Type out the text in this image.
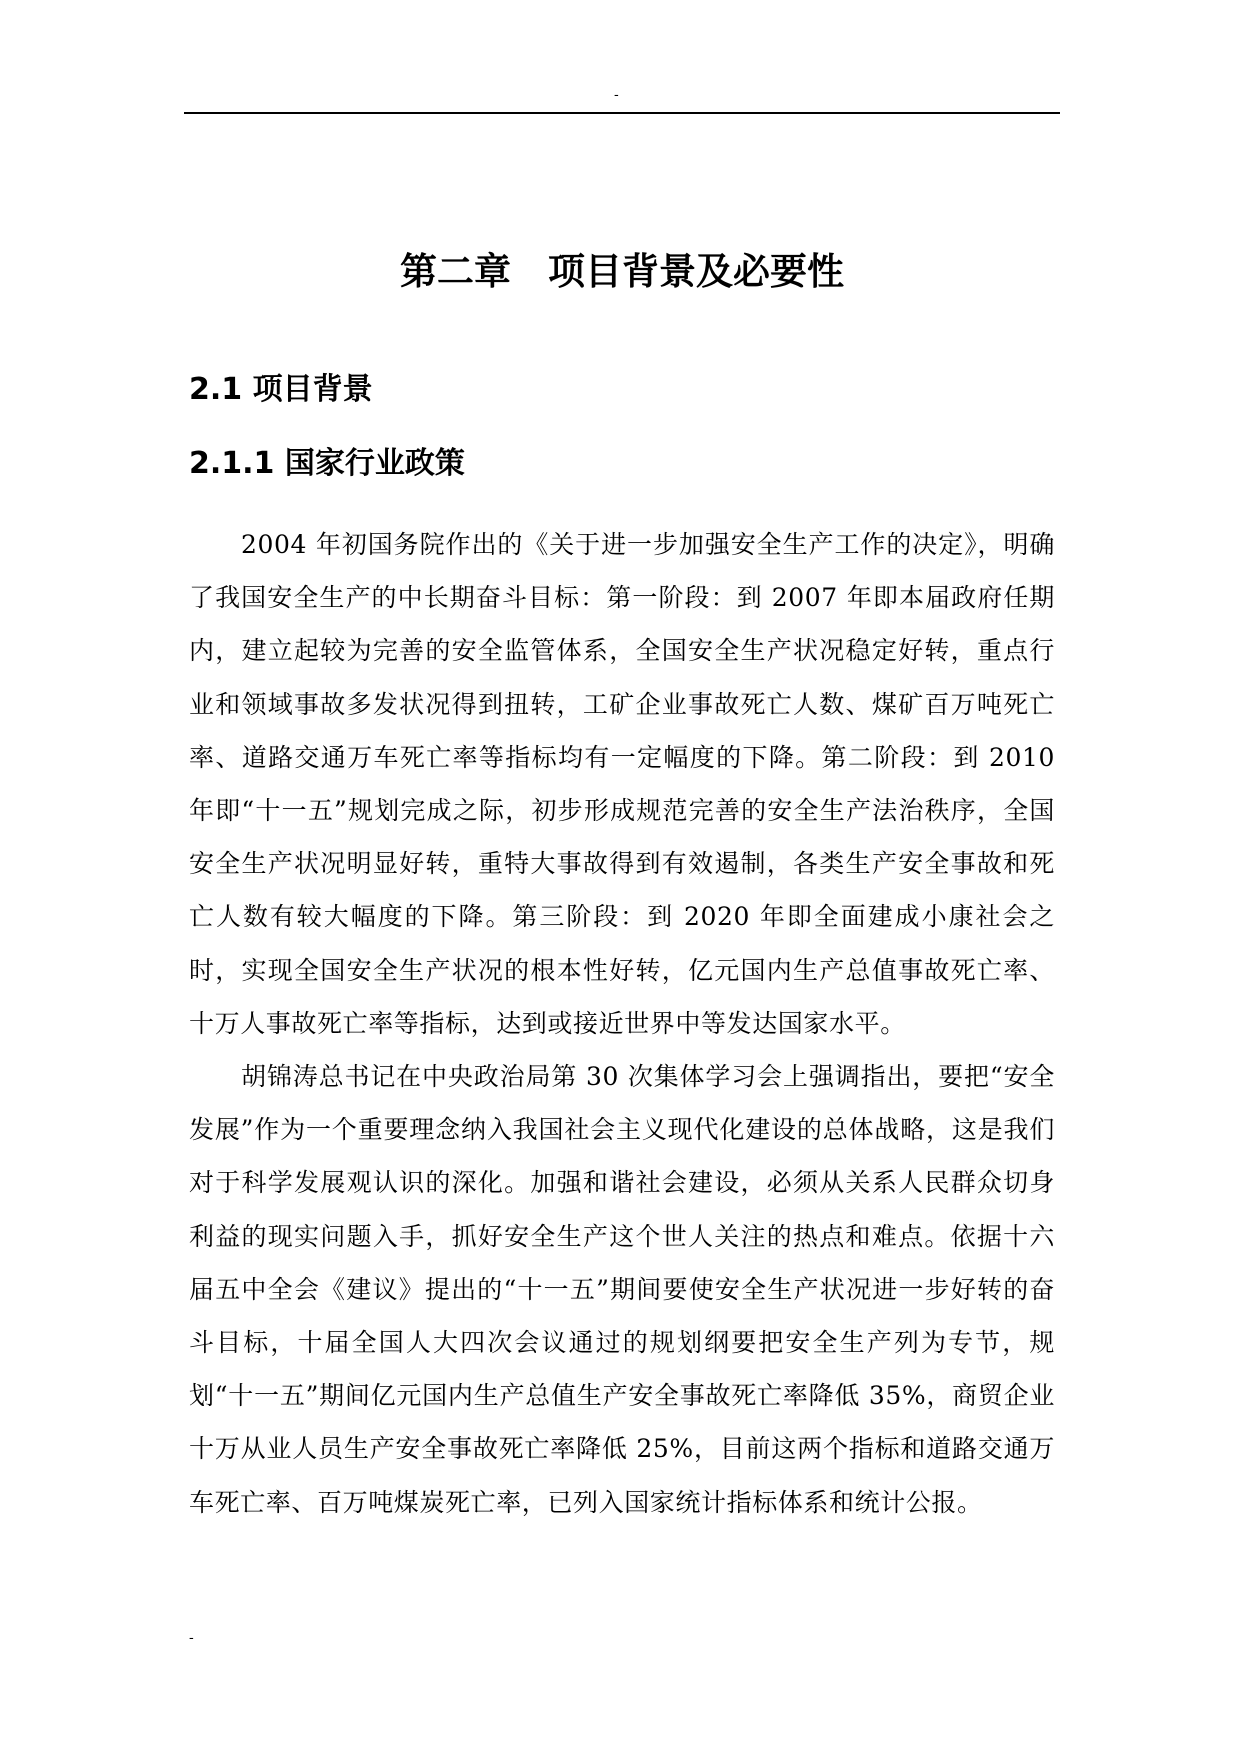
-
第二章　项目背景及必要性
2.1 项目背景
2.1.1 国家行业政策

2004 年初国务院作出的《关于进一步加强安全生产工作的决定》，明确了我国安全生产的中长期奋斗目标：第一阶段：到 2007 年即本届政府任期内，建立起较为完善的安全监管体系，全国安全生产状况稳定好转，重点行业和领域事故多发状况得到扭转，工矿企业事故死亡人数、煤矿百万吨死亡率、道路交通万车死亡率等指标均有一定幅度的下降。第二阶段：到 2010 年即“十一五”规划完成之际，初步形成规范完善的安全生产法治秩序，全国安全生产状况明显好转，重特大事故得到有效遏制，各类生产安全事故和死亡人数有较大幅度的下降。第三阶段：到 2020 年即全面建成小康社会之时，实现全国安全生产状况的根本性好转，亿元国内生产总值事故死亡率、十万人事故死亡率等指标，达到或接近世界中等发达国家水平。

胡锦涛总书记在中央政治局第 30 次集体学习会上强调指出，要把“安全发展”作为一个重要理念纳入我国社会主义现代化建设的总体战略，这是我们对于科学发展观认识的深化。加强和谐社会建设，必须从关系人民群众切身利益的现实问题入手，抓好安全生产这个世人关注的热点和难点。依据十六届五中全会《建议》提出的“十一五”期间要使安全生产状况进一步好转的奋斗目标，十届全国人大四次会议通过的规划纲要把安全生产列为专节，规划“十一五”期间亿元国内生产总值生产安全事故死亡率降低 35%，商贸企业十万从业人员生产安全事故死亡率降低 25%，目前这两个指标和道路交通万车死亡率、百万吨煤炭死亡率，已列入国家统计指标体系和统计公报。

-
